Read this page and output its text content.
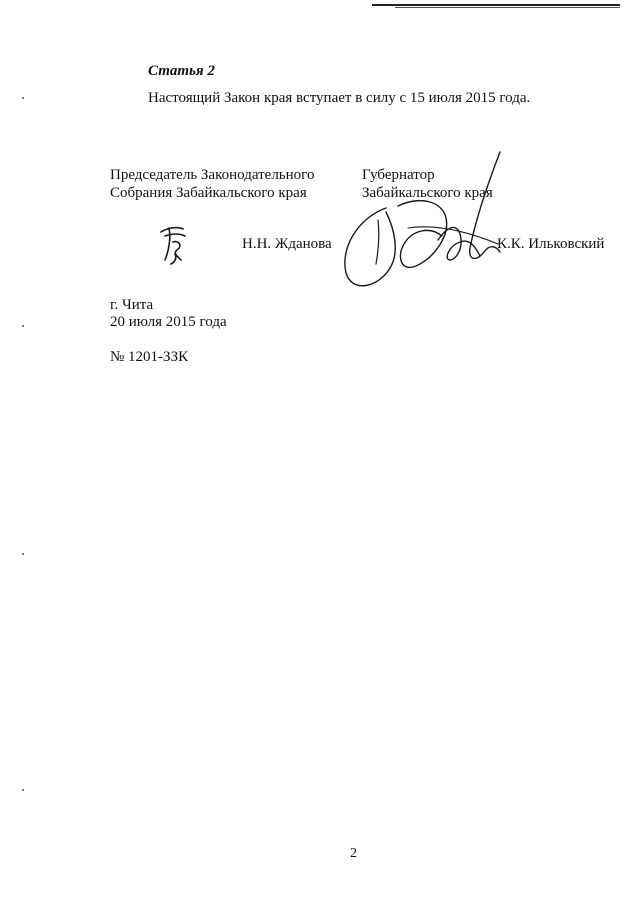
Статья 2
Настоящий Закон края вступает в силу с 15 июля 2015 года.
Председатель Законодательного
Собрания Забайкальского края
Губернатор
Забайкальского края
Н.Н. Жданова	К.К. Ильковский
г. Чита
20 июля 2015 года
№ 1201-ЗЗК
2
